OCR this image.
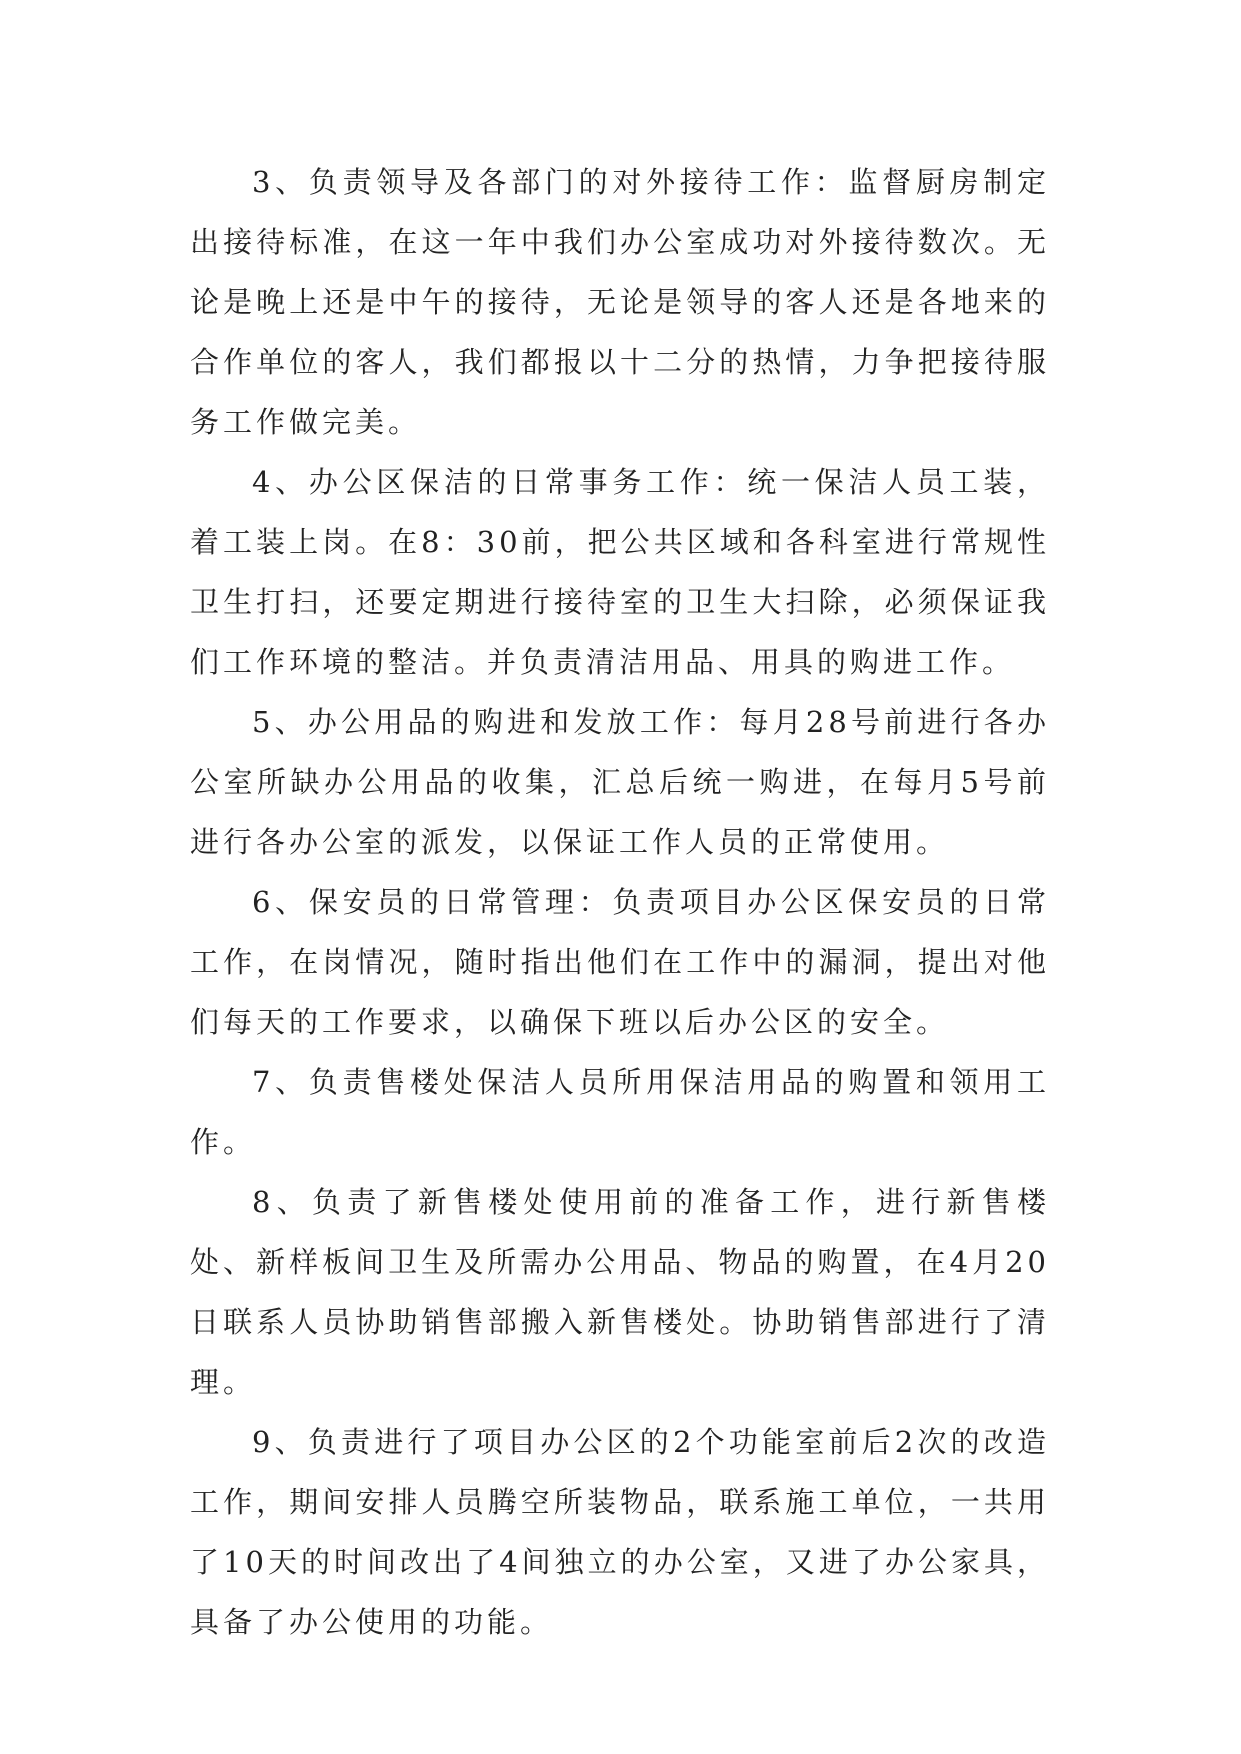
3、负责领导及各部门的对外接待工作：监督厨房制定出接待标准，在这一年中我们办公室成功对外接待数次。无论是晚上还是中午的接待，无论是领导的客人还是各地来的合作单位的客人，我们都报以十二分的热情，力争把接待服务工作做完美。

4、办公区保洁的日常事务工作：统一保洁人员工装，着工装上岗。在8：30前，把公共区域和各科室进行常规性卫生打扫，还要定期进行接待室的卫生大扫除，必须保证我们工作环境的整洁。并负责清洁用品、用具的购进工作。

5、办公用品的购进和发放工作：每月28号前进行各办公室所缺办公用品的收集，汇总后统一购进，在每月5号前进行各办公室的派发，以保证工作人员的正常使用。

6、保安员的日常管理：负责项目办公区保安员的日常工作，在岗情况，随时指出他们在工作中的漏洞，提出对他们每天的工作要求，以确保下班以后办公区的安全。

7、负责售楼处保洁人员所用保洁用品的购置和领用工作。

8、负责了新售楼处使用前的准备工作，进行新售楼处、新样板间卫生及所需办公用品、物品的购置，在4月20日联系人员协助销售部搬入新售楼处。协助销售部进行了清理。

9、负责进行了项目办公区的2个功能室前后2次的改造工作，期间安排人员腾空所装物品，联系施工单位，一共用了10天的时间改出了4间独立的办公室，又进了办公家具，具备了办公使用的功能。
